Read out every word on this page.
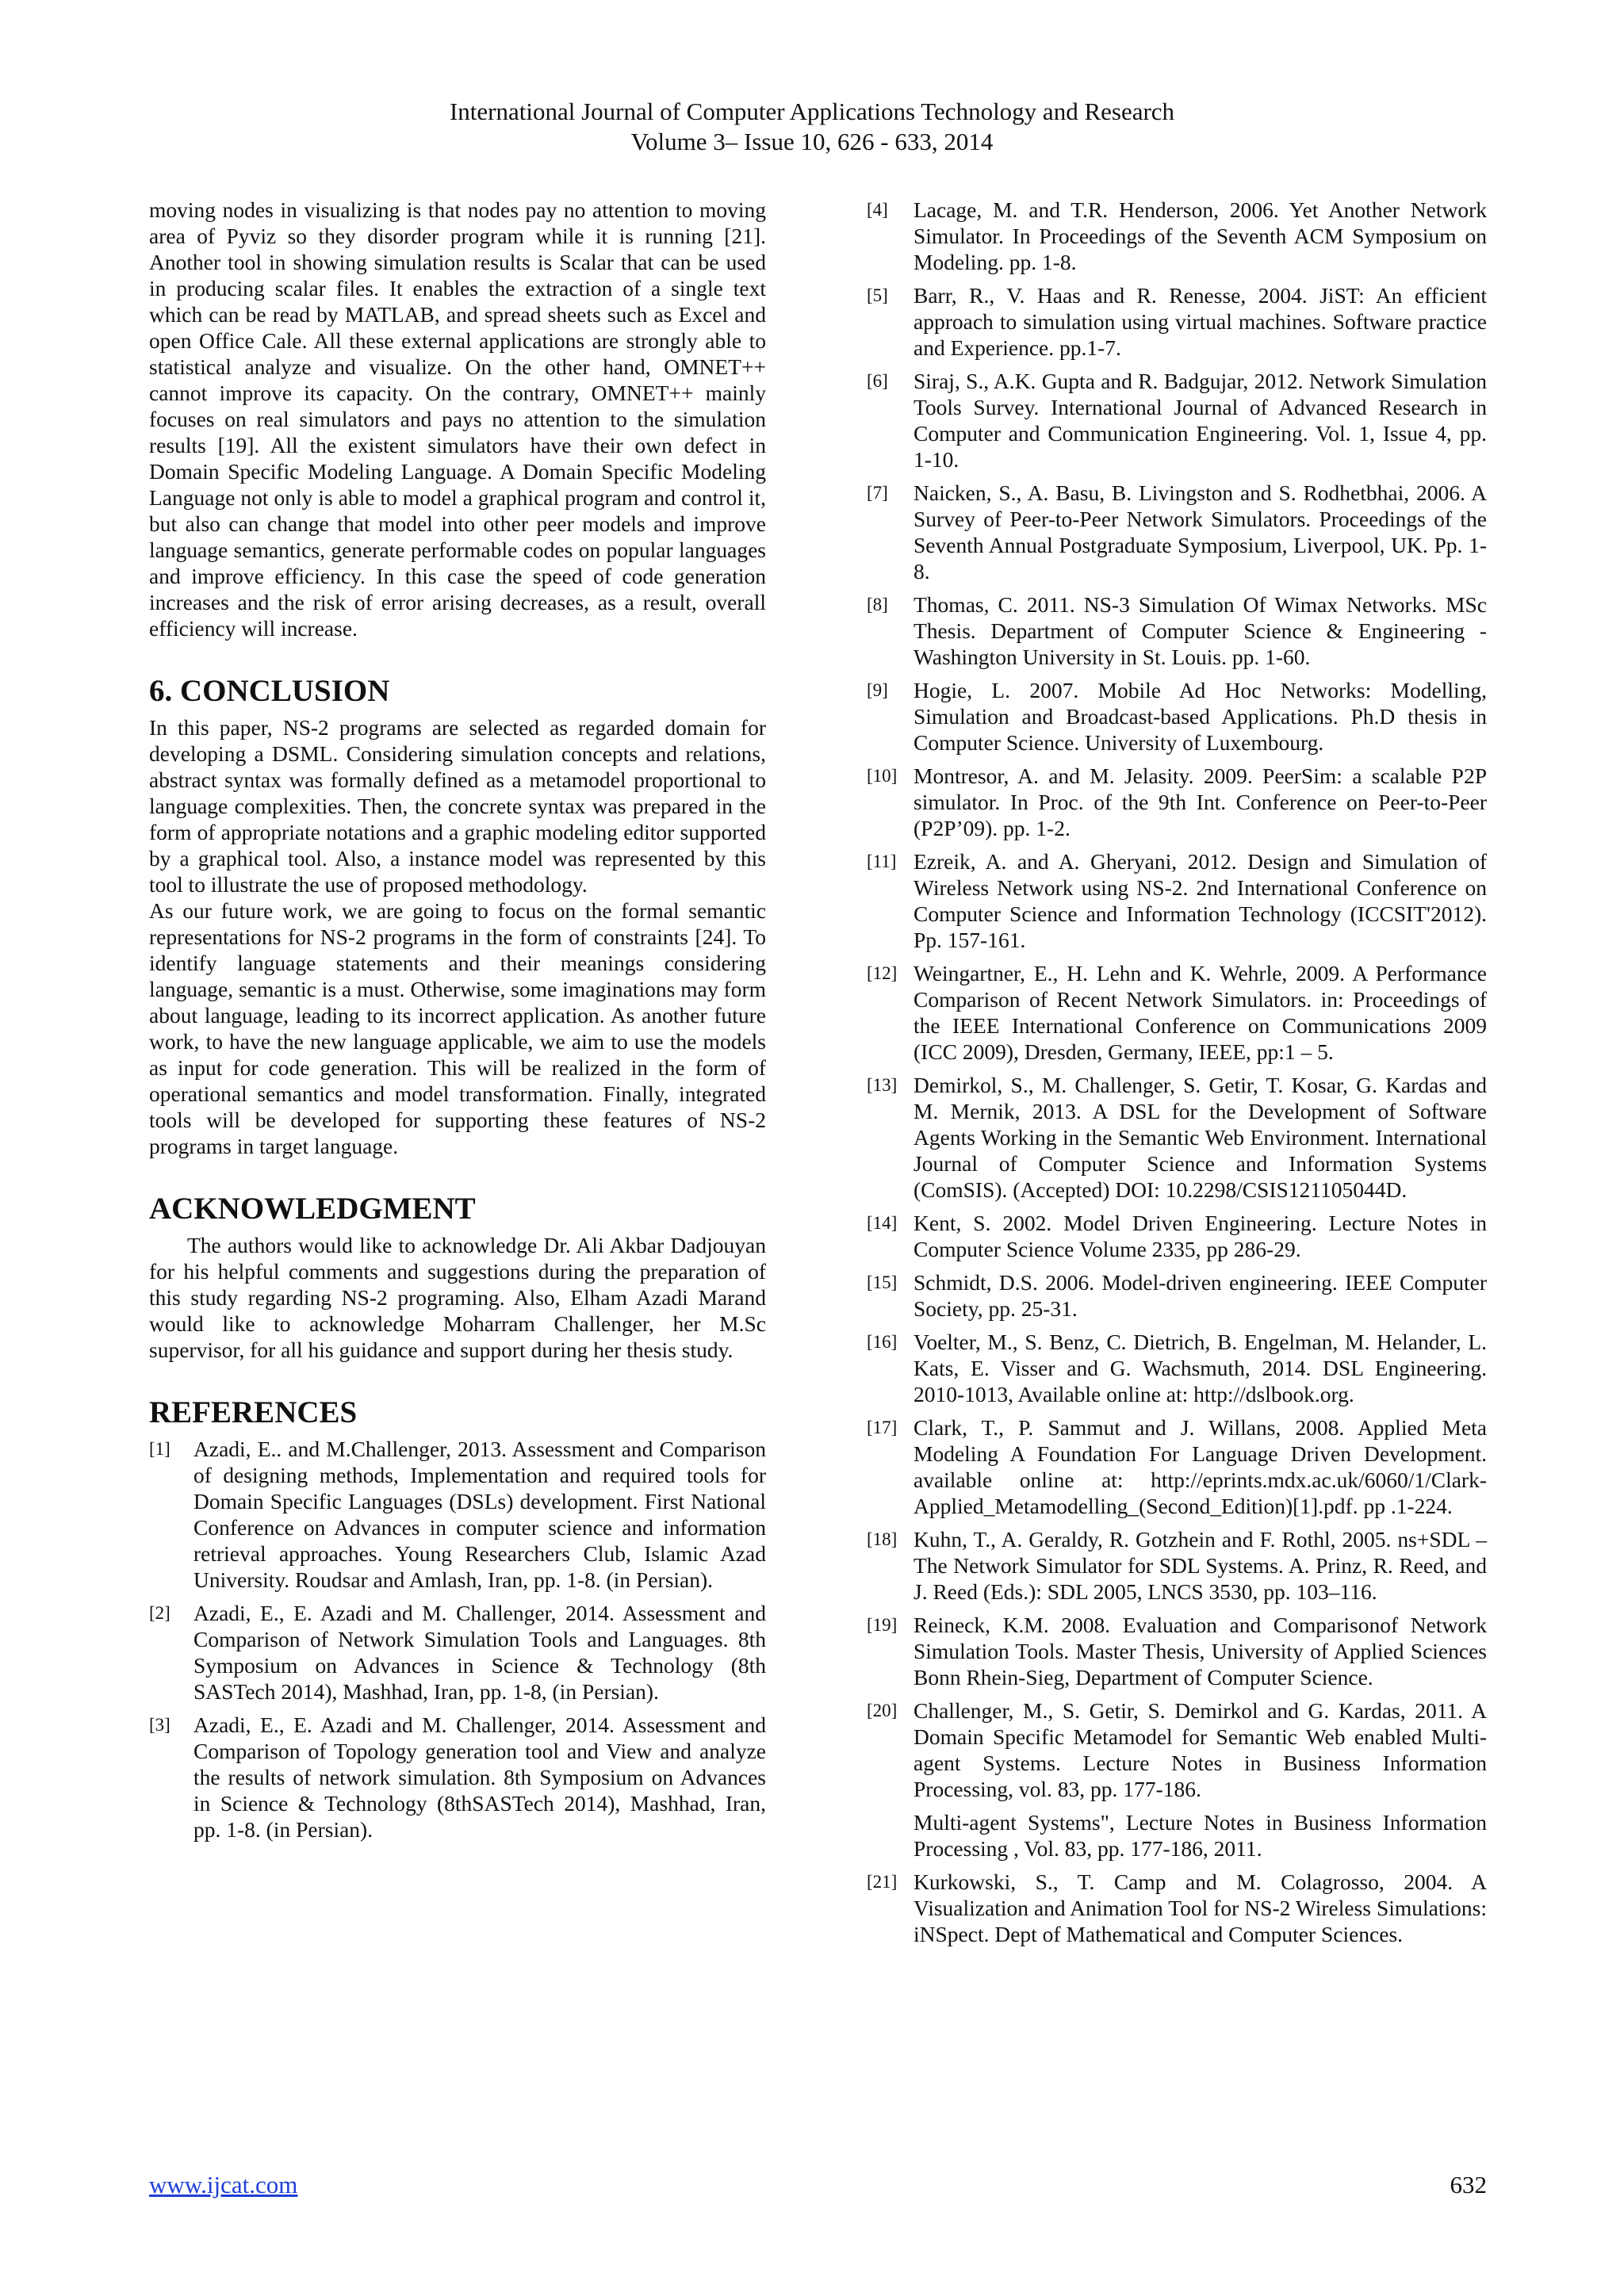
International Journal of Computer Applications Technology and Research
Volume 3– Issue 10, 626 - 633, 2014

moving nodes in visualizing is that nodes pay no attention to moving area of Pyviz so they disorder program while it is running [21]. Another tool in showing simulation results is Scalar that can be used in producing scalar files. It enables the extraction of a single text which can be read by MATLAB, and spread sheets such as Excel and open Office Cale. All these external applications are strongly able to statistical analyze and visualize. On the other hand, OMNET++ cannot improve its capacity. On the contrary, OMNET++ mainly focuses on real simulators and pays no attention to the simulation results [19]. All the existent simulators have their own defect in Domain Specific Modeling Language. A Domain Specific Modeling Language not only is able to model a graphical program and control it, but also can change that model into other peer models and improve language semantics, generate performable codes on popular languages and improve efficiency. In this case the speed of code generation increases and the risk of error arising decreases, as a result, overall efficiency will increase.

6. CONCLUSION

In this paper, NS-2 programs are selected as regarded domain for developing a DSML. Considering simulation concepts and relations, abstract syntax was formally defined as a metamodel proportional to language complexities. Then, the concrete syntax was prepared in the form of appropriate notations and a graphic modeling editor supported by a graphical tool. Also, a instance model was represented by this tool to illustrate the use of proposed methodology.

As our future work, we are going to focus on the formal semantic representations for NS-2 programs in the form of constraints [24]. To identify language statements and their meanings considering language, semantic is a must. Otherwise, some imaginations may form about language, leading to its incorrect application. As another future work, to have the new language applicable, we aim to use the models as input for code generation. This will be realized in the form of operational semantics and model transformation. Finally, integrated tools will be developed for supporting these features of NS-2 programs in target language.

ACKNOWLEDGMENT

The authors would like to acknowledge Dr. Ali Akbar Dadjouyan for his helpful comments and suggestions during the preparation of this study regarding NS-2 programing. Also, Elham Azadi Marand would like to acknowledge Moharram Challenger, her M.Sc supervisor, for all his guidance and support during her thesis study.

REFERENCES
[1]	Azadi, E.. and M.Challenger, 2013. Assessment and Comparison of designing methods, Implementation and required tools for Domain Specific Languages (DSLs) development. First National Conference on Advances in computer science and information retrieval approaches. Young Researchers Club, Islamic Azad University. Roudsar and Amlash, Iran, pp. 1-8. (in Persian).
[2]	Azadi, E., E. Azadi and M. Challenger, 2014. Assessment and Comparison of Network Simulation Tools and Languages. 8th Symposium on Advances in Science & Technology (8th SASTech 2014), Mashhad, Iran, pp. 1-8, (in Persian).
[3]	Azadi, E., E. Azadi and M. Challenger, 2014. Assessment and Comparison of Topology generation tool and View and analyze the results of network simulation. 8th Symposium on Advances in Science & Technology (8thSASTech 2014), Mashhad, Iran, pp. 1-8. (in Persian).
[4]	Lacage, M. and T.R. Henderson, 2006. Yet Another Network Simulator. In Proceedings of the Seventh ACM Symposium on Modeling. pp. 1-8.
[5]	Barr, R., V. Haas and R. Renesse, 2004. JiST: An efficient approach to simulation using virtual machines. Software practice and Experience. pp.1-7.
[6]	Siraj, S., A.K. Gupta and R. Badgujar, 2012. Network Simulation Tools Survey. International Journal of Advanced Research in Computer and Communication Engineering. Vol. 1, Issue 4, pp. 1-10.
[7]	Naicken, S., A. Basu, B. Livingston and S. Rodhetbhai, 2006. A Survey of Peer-to-Peer Network Simulators. Proceedings of the Seventh Annual Postgraduate Symposium, Liverpool, UK. Pp. 1-8.
[8]	Thomas, C. 2011. NS-3 Simulation Of Wimax Networks. MSc Thesis. Department of Computer Science & Engineering - Washington University in St. Louis. pp. 1-60.
[9]	Hogie, L. 2007. Mobile Ad Hoc Networks: Modelling, Simulation and Broadcast-based Applications. Ph.D thesis in Computer Science. University of Luxembourg.
[10] Montresor, A. and M. Jelasity. 2009. PeerSim: a scalable P2P simulator. In Proc. of the 9th Int. Conference on Peer-to-Peer (P2P’09). pp. 1-2.
[11] Ezreik, A. and A. Gheryani, 2012. Design and Simulation of Wireless Network using NS-2. 2nd International Conference on Computer Science and Information Technology (ICCSIT'2012). Pp. 157-161.
[12] Weingartner, E., H. Lehn and K. Wehrle, 2009. A Performance Comparison of Recent Network Simulators. in: Proceedings of the IEEE International Conference on Communications 2009 (ICC 2009), Dresden, Germany, IEEE, pp:1 – 5.
[13] Demirkol, S., M. Challenger, S. Getir, T. Kosar, G. Kardas and M. Mernik, 2013. A DSL for the Development of Software Agents Working in the Semantic Web Environment. International Journal of Computer Science and Information Systems (ComSIS). (Accepted) DOI: 10.2298/CSIS121105044D.
[14] Kent, S. 2002. Model Driven Engineering. Lecture Notes in Computer Science Volume 2335, pp 286-29.
[15] Schmidt, D.S. 2006. Model-driven engineering. IEEE Computer Society, pp. 25-31.
[16] Voelter, M., S. Benz, C. Dietrich, B. Engelman, M. Helander, L. Kats, E. Visser and G. Wachsmuth, 2014. DSL Engineering. 2010-1013, Available online at: http://dslbook.org.
[17] Clark, T., P. Sammut and J. Willans, 2008. Applied Meta Modeling A Foundation For Language Driven Development. available online at: http://eprints.mdx.ac.uk/6060/1/Clark-Applied_Metamodelling_(Second_Edition)[1].pdf. pp .1-224.
[18] Kuhn, T., A. Geraldy, R. Gotzhein and F. Rothl, 2005. ns+SDL – The Network Simulator for SDL Systems. A. Prinz, R. Reed, and J. Reed (Eds.): SDL 2005, LNCS 3530, pp. 103–116.
[19] Reineck, K.M. 2008. Evaluation and Comparisonof Network Simulation Tools. Master Thesis, University of Applied Sciences Bonn Rhein-Sieg, Department of Computer Science.
[20] Challenger, M., S. Getir, S. Demirkol and G. Kardas, 2011. A Domain Specific Metamodel for Semantic Web enabled Multi-agent Systems. Lecture Notes in Business Information Processing, vol. 83, pp. 177-186.

Multi-agent Systems", Lecture Notes in Business Information Processing , Vol. 83, pp. 177-186, 2011.

[21] Kurkowski, S., T. Camp and M. Colagrosso, 2004. A Visualization and Animation Tool for NS-2 Wireless Simulations: iNSpect. Dept of Mathematical and Computer Sciences.
www.ijcat.com	632
